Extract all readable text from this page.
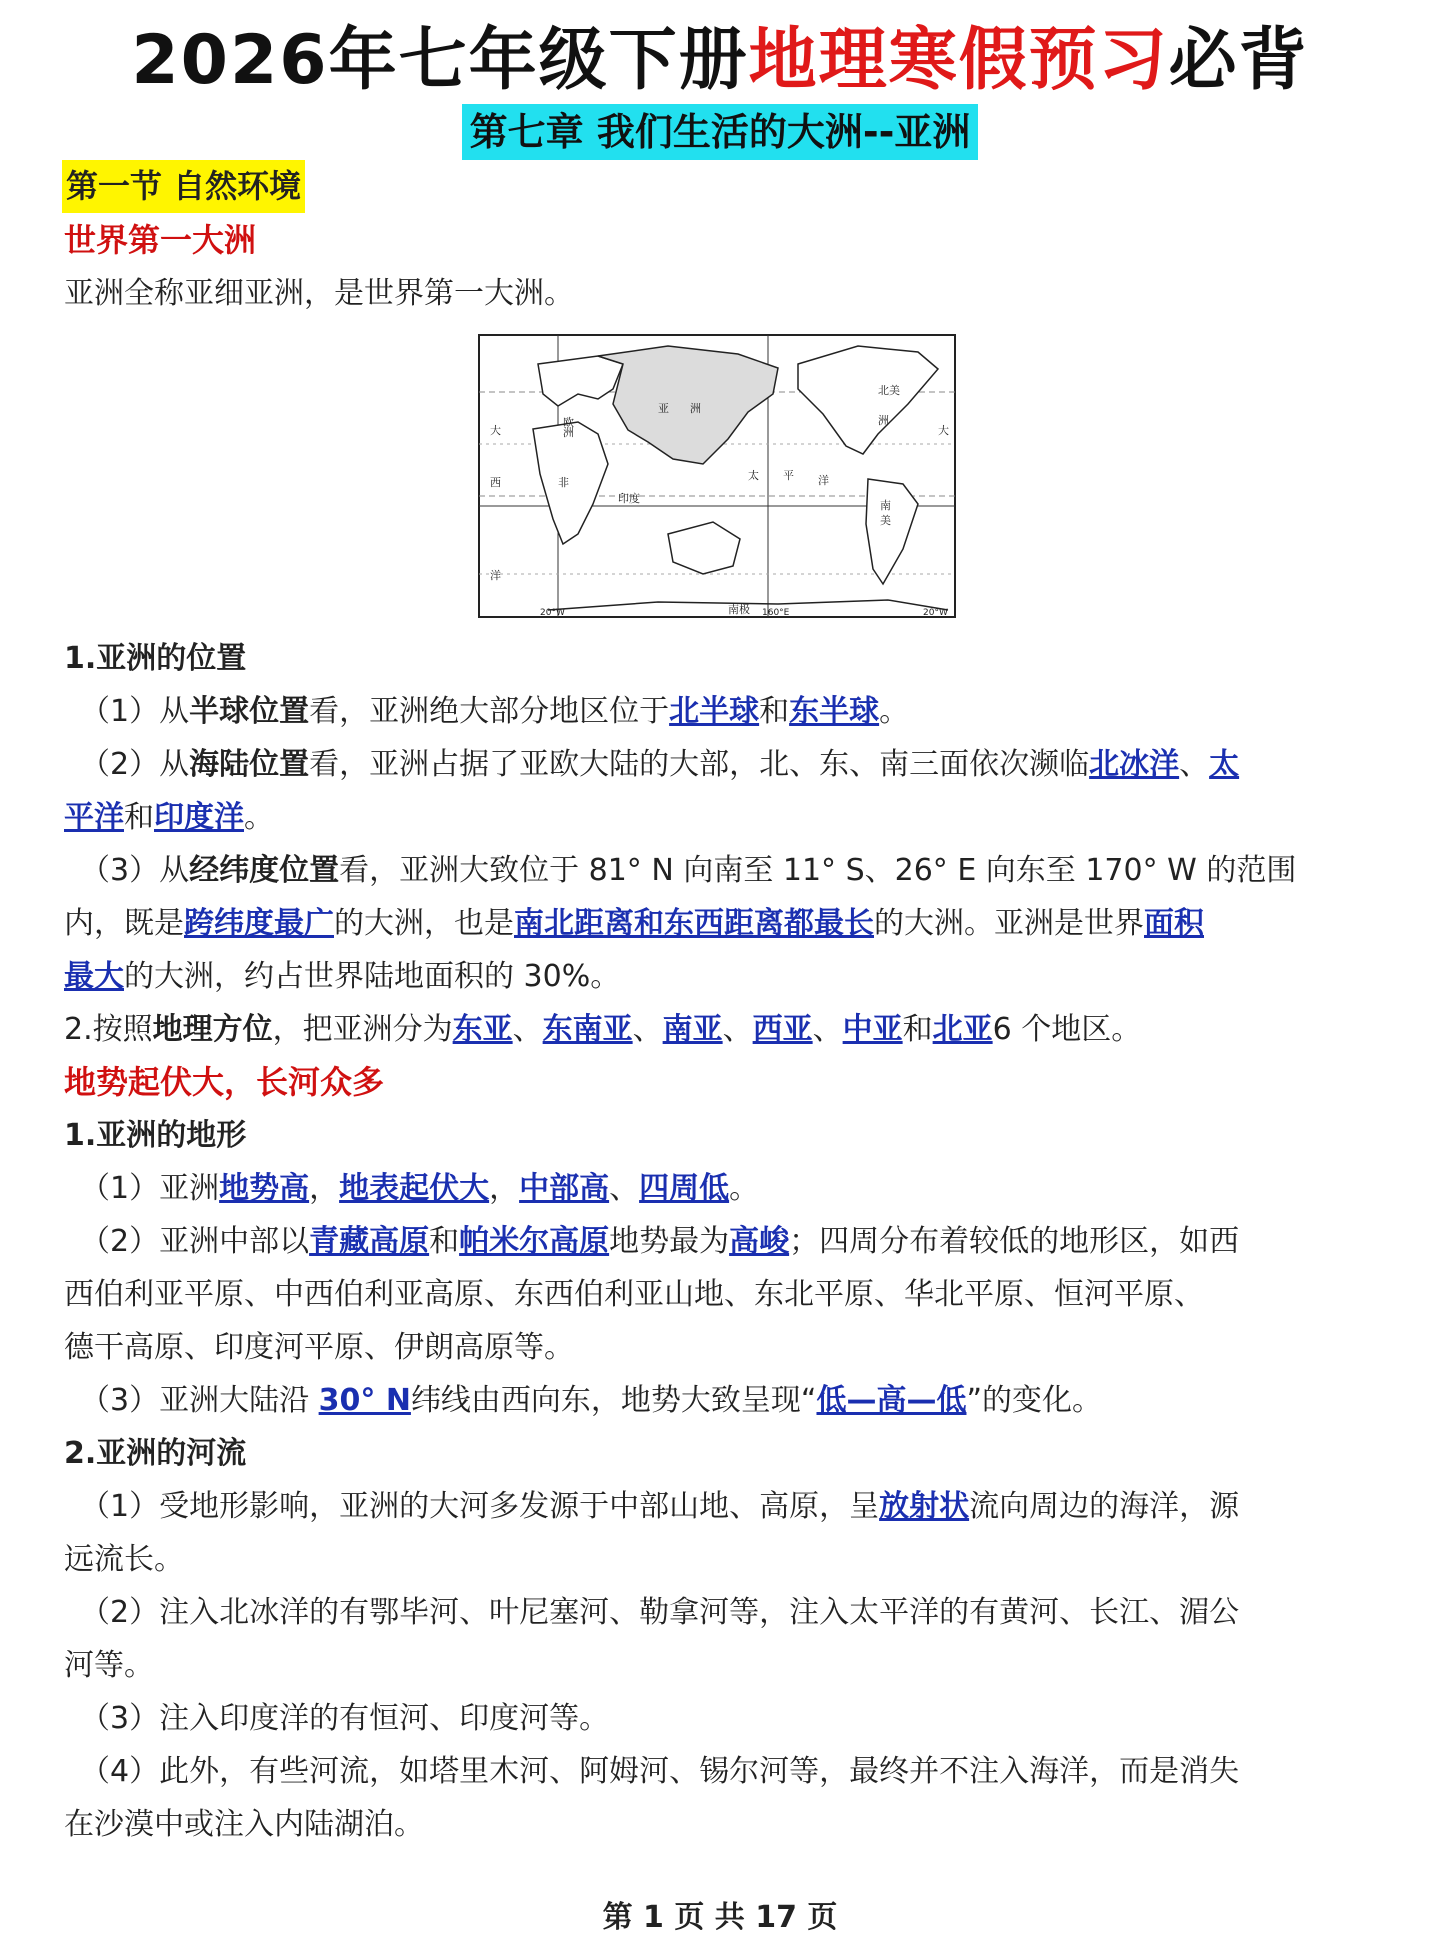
2026年七年级下册地理寒假预习必背
第七章 我们生活的大洲--亚洲
第一节 自然环境
世界第一大洲
亚洲全称亚细亚洲，是世界第一大洲。
大
西
洋
欧
洲
亚 洲
非
印度
太 平 洋
北美
洲
大
南
美
南极
20°W	160°E	20°W
1.亚洲的位置
（1）从半球位置看，亚洲绝大部分地区位于北半球和东半球。
（2）从海陆位置看，亚洲占据了亚欧大陆的大部，北、东、南三面依次濒临北冰洋、太
平洋和印度洋。
（3）从经纬度位置看，亚洲大致位于 81° N 向南至 11° S、26° E 向东至 170° W 的范围
内，既是跨纬度最广的大洲，也是南北距离和东西距离都最长的大洲。亚洲是世界面积
最大的大洲，约占世界陆地面积的 30%。
2.按照地理方位，把亚洲分为东亚、东南亚、南亚、西亚、中亚和北亚6 个地区。
地势起伏大，长河众多
1.亚洲的地形
（1）亚洲地势高，地表起伏大，中部高、四周低。
（2）亚洲中部以青藏高原和帕米尔高原地势最为高峻；四周分布着较低的地形区，如西
西伯利亚平原、中西伯利亚高原、东西伯利亚山地、东北平原、华北平原、恒河平原、
德干高原、印度河平原、伊朗高原等。
（3）亚洲大陆沿 30° N纬线由西向东，地势大致呈现“低—高—低”的变化。
2.亚洲的河流
（1）受地形影响，亚洲的大河多发源于中部山地、高原，呈放射状流向周边的海洋，源
远流长。
（2）注入北冰洋的有鄂毕河、叶尼塞河、勒拿河等，注入太平洋的有黄河、长江、湄公
河等。
（3）注入印度洋的有恒河、印度河等。
（4）此外，有些河流，如塔里木河、阿姆河、锡尔河等，最终并不注入海洋，而是消失
在沙漠中或注入内陆湖泊。
第 1 页 共 17 页
